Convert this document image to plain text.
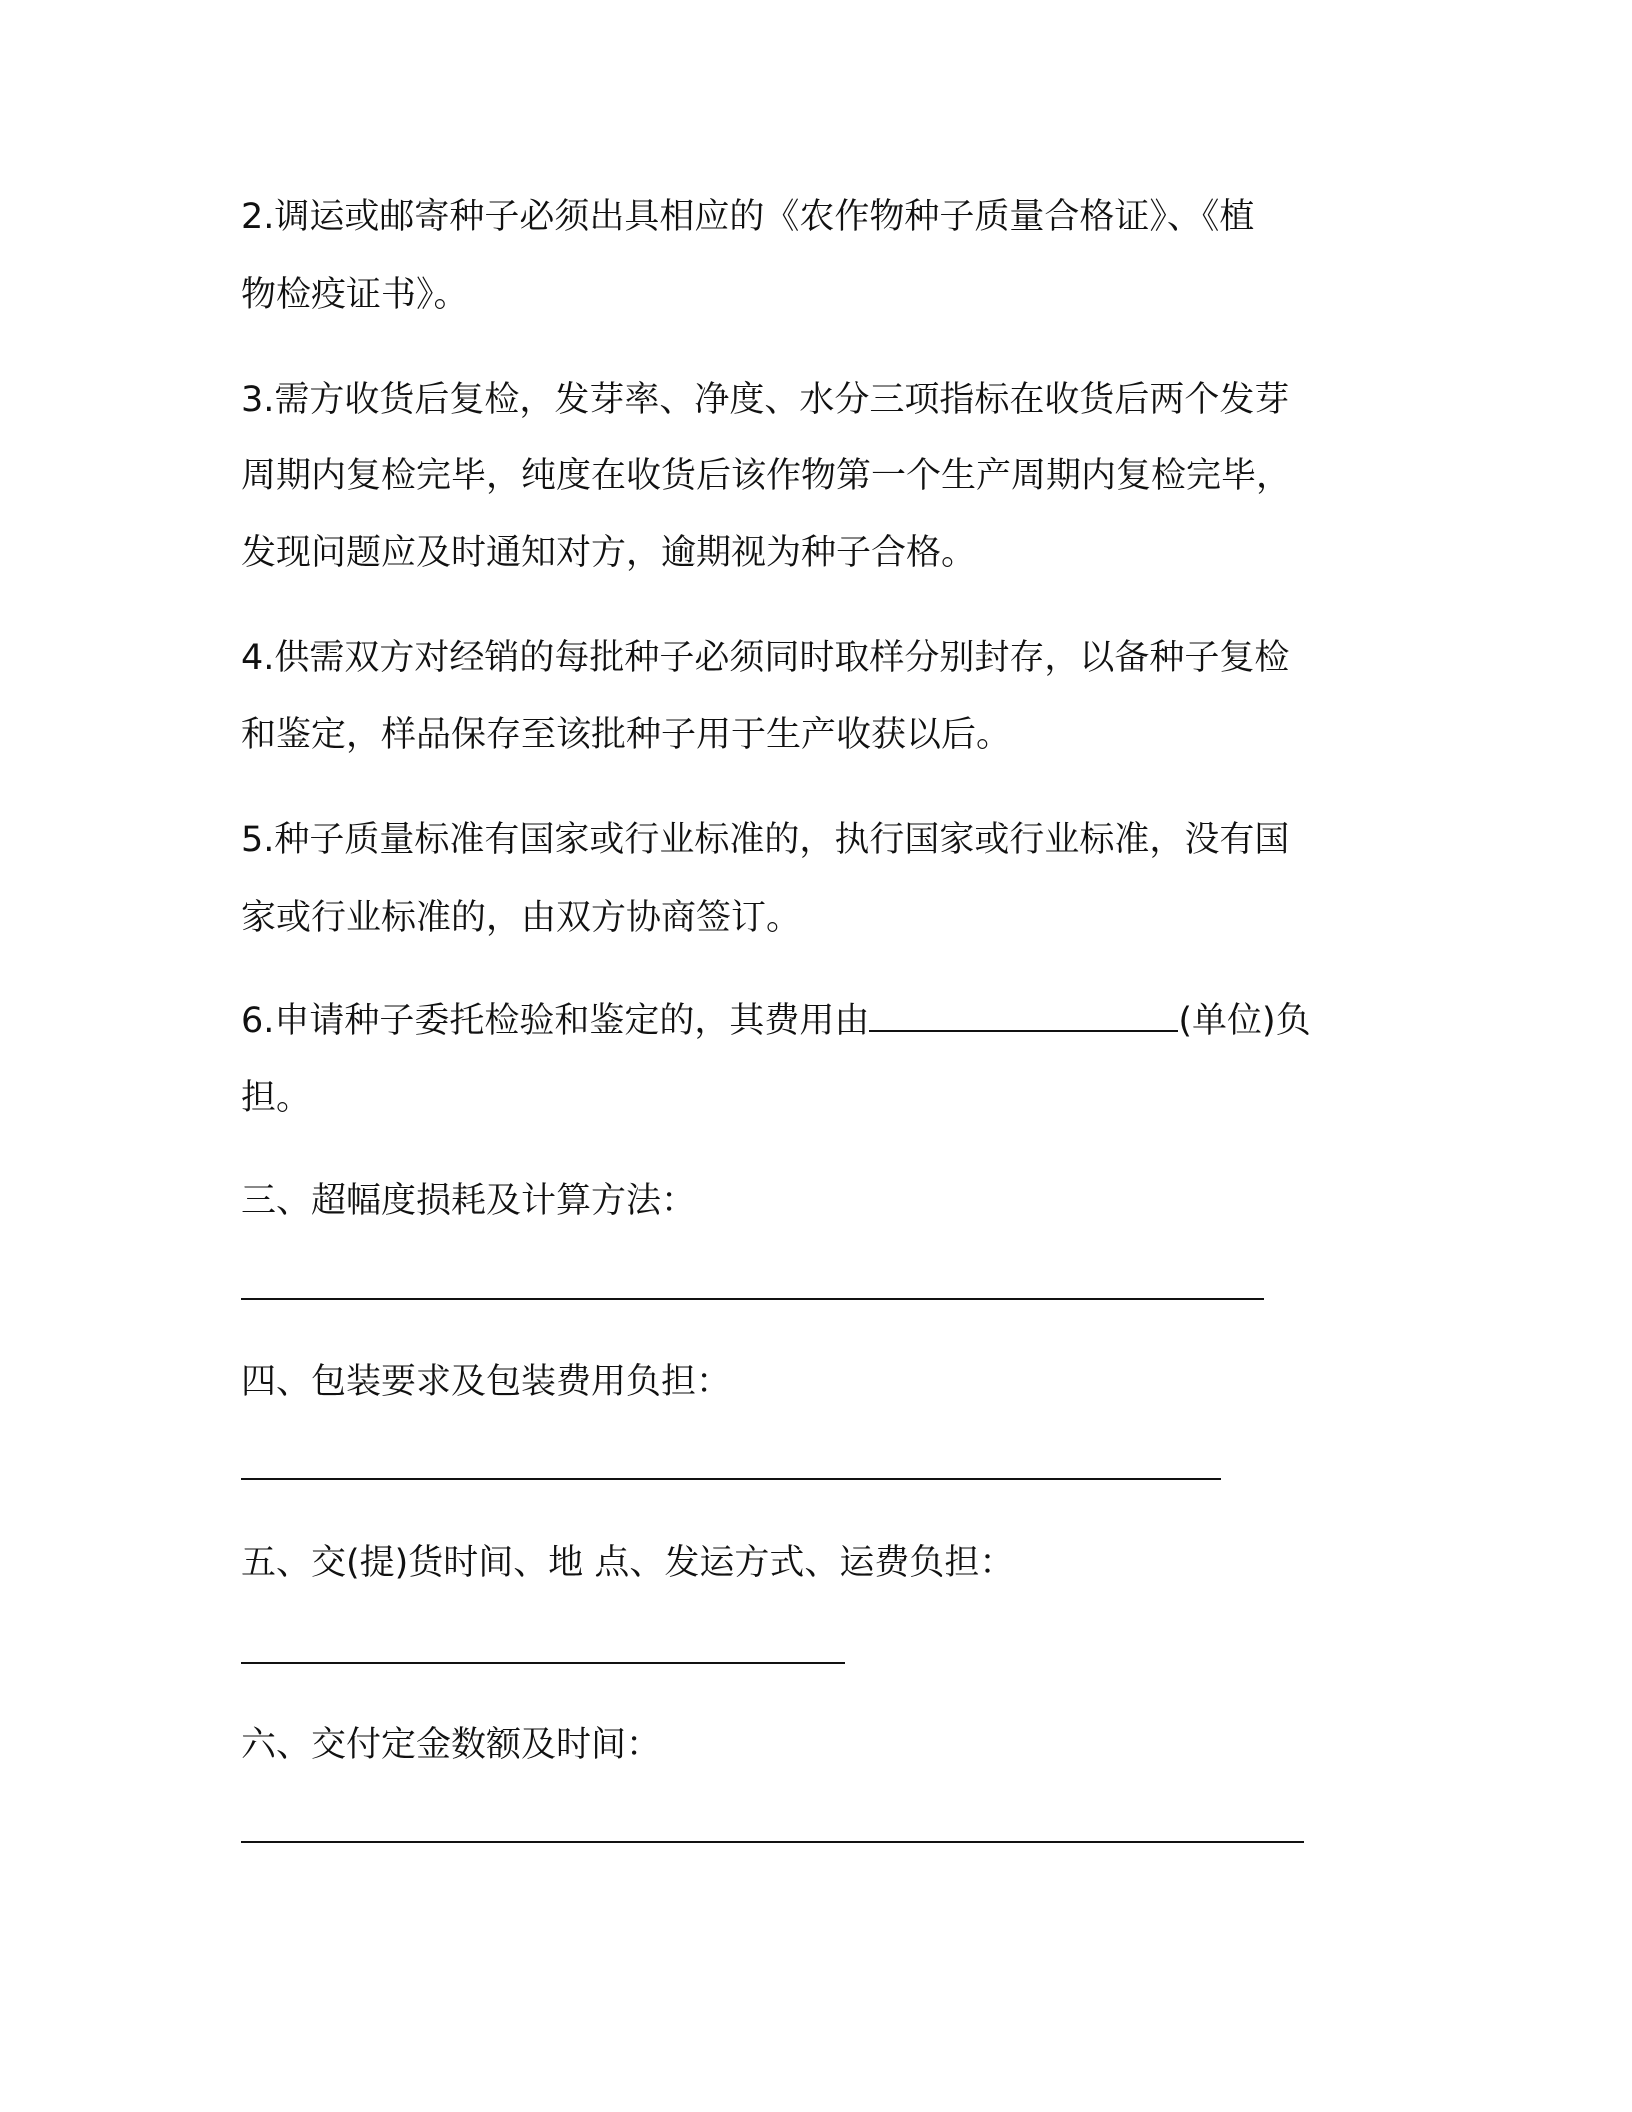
2.调运或邮寄种子必须出具相应的《农作物种子质量合格证》、《植
物检疫证书》。
3.需方收货后复检，发芽率、净度、水分三项指标在收货后两个发芽
周期内复检完毕，纯度在收货后该作物第一个生产周期内复检完毕，
发现问题应及时通知对方，逾期视为种子合格。
4.供需双方对经销的每批种子必须同时取样分别封存，以备种子复检
和鉴定，样品保存至该批种子用于生产收获以后。
5.种子质量标准有国家或行业标准的，执行国家或行业标准，没有国
家或行业标准的，由双方协商签订。
6.申请种子委托检验和鉴定的，其费用由	(单位)负
担。
三、超幅度损耗及计算方法：
四、包装要求及包装费用负担：
五、交(提)货时间、地 点、发运方式、运费负担：
六、交付定金数额及时间：
